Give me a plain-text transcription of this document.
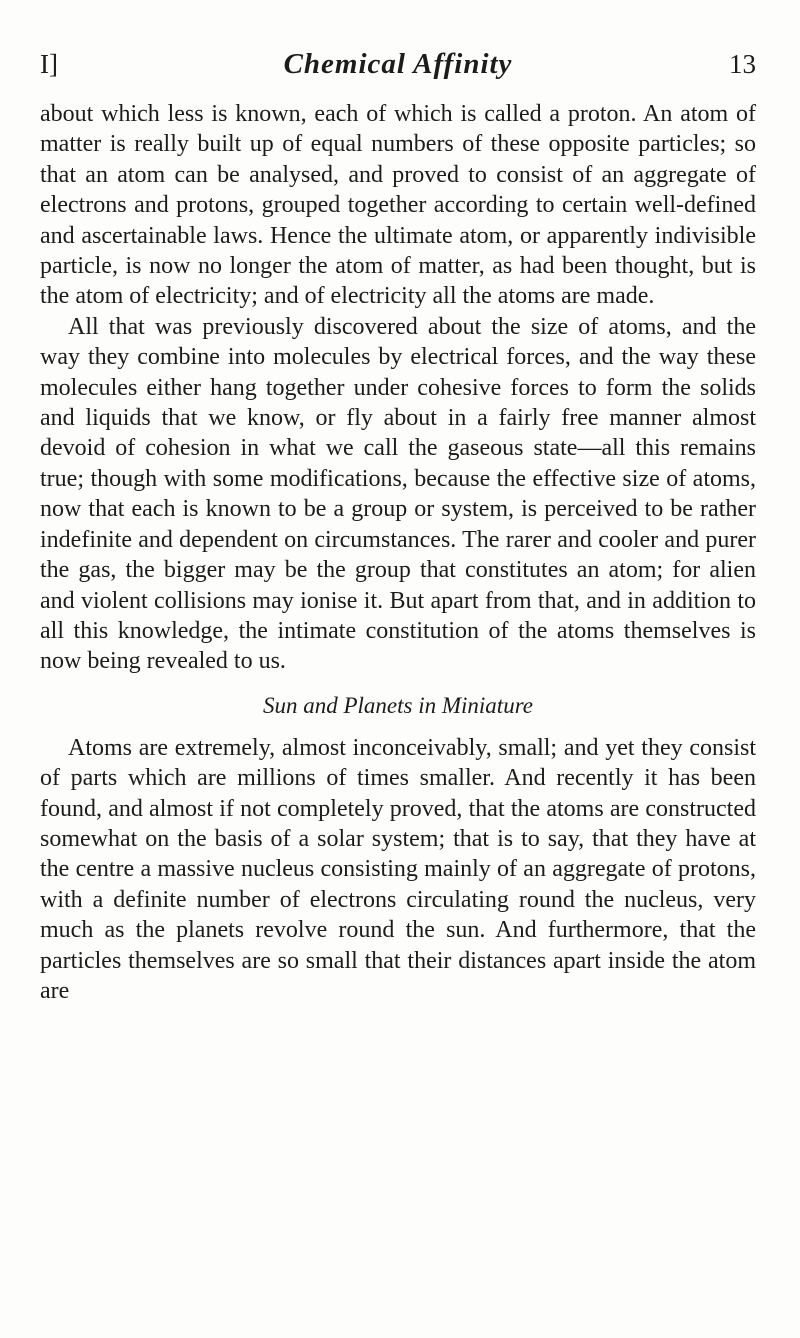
I]	Chemical Affinity	13

about which less is known, each of which is called a proton. An atom of matter is really built up of equal numbers of these opposite particles; so that an atom can be analysed, and proved to consist of an aggregate of electrons and protons, grouped together according to certain well-defined and ascertainable laws. Hence the ultimate atom, or apparently indivisible particle, is now no longer the atom of matter, as had been thought, but is the atom of electricity; and of electricity all the atoms are made.

All that was previously discovered about the size of atoms, and the way they combine into molecules by electrical forces, and the way these molecules either hang together under cohesive forces to form the solids and liquids that we know, or fly about in a fairly free manner almost devoid of cohesion in what we call the gaseous state—all this remains true; though with some modifications, because the effective size of atoms, now that each is known to be a group or system, is perceived to be rather indefinite and dependent on circumstances. The rarer and cooler and purer the gas, the bigger may be the group that constitutes an atom; for alien and violent collisions may ionise it. But apart from that, and in addition to all this knowledge, the intimate constitution of the atoms themselves is now being revealed to us.

Sun and Planets in Miniature

Atoms are extremely, almost inconceivably, small; and yet they consist of parts which are millions of times smaller. And recently it has been found, and almost if not completely proved, that the atoms are constructed somewhat on the basis of a solar system; that is to say, that they have at the centre a massive nucleus consisting mainly of an aggregate of protons, with a definite number of electrons circulating round the nucleus, very much as the planets revolve round the sun. And furthermore, that the particles themselves are so small that their distances apart inside the atom are
